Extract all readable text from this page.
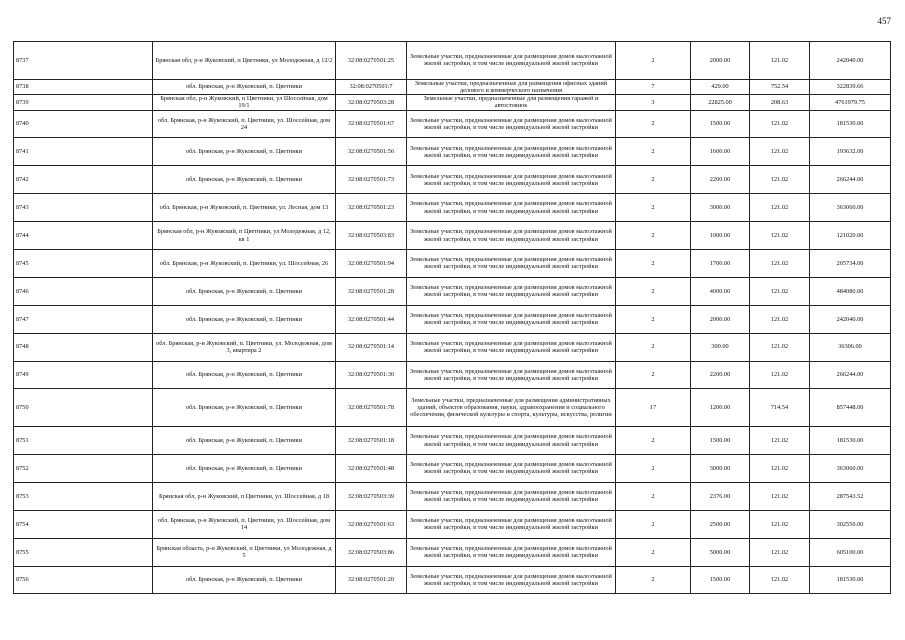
457
8737	Брянская обл, р-н Жуковский, п Цветники, ул Молодежная, д 12/2	32:08:0270501:25	Земельные участки, предназначенные для размещения домов малоэтажной жилой застройки, в том числе индивидуальной жилой застройки	2	2000.00	121.02	242040.00
8738	обл. Брянская, р-н Жуковский, п. Цветники	32:08:0270501:7	Земельные участки, предназначенные для размещения офисных зданий делового и коммерческого назначения	7	429.00	752.54	322839.66
8739	Брянская обл, р-н Жуковский, п Цветники, ул Шоссейная, дом 19/1	32:08:0270503:28	Земельные участки, предназначенные для размещения гаражей и автостоянок	3	22825.00	208.63	4761979.75
8740	обл. Брянская, р-н Жуковский, п. Цветники, ул. Шоссейная, дом 24	32:08:0270501:67	Земельные участки, предназначенные для размещения домов малоэтажной жилой застройки, в том числе индивидуальной жилой застройки	2	1500.00	121.02	181530.00
8741	обл. Брянская, р-н Жуковский, п. Цветники	32:08:0270501:56	Земельные участки, предназначенные для размещения домов малоэтажной жилой застройки, в том числе индивидуальной жилой застройки	2	1600.00	121.02	193632.00
8742	обл. Брянская, р-н Жуковский, п. Цветники	32:08:0270501:73	Земельные участки, предназначенные для размещения домов малоэтажной жилой застройки, в том числе индивидуальной жилой застройки	2	2200.00	121.02	266244.00
8743	обл. Брянская, р-н Жуковский, п. Цветники, ул. Лесная, дом 13	32:08:0270501:23	Земельные участки, предназначенные для размещения домов малоэтажной жилой застройки, в том числе индивидуальной жилой застройки	2	3000.00	121.02	363060.00
8744	Брянская обл, р-н Жуковский, п Цветники, ул Молодежная, д 12, кв 1	32:08:0270503:83	Земельные участки, предназначенные для размещения домов малоэтажной жилой застройки, в том числе индивидуальной жилой застройки	2	1000.00	121.02	121020.00
8745	обл. Брянская, р-н Жуковский, п. Цветники, ул. Шоссейная, 26	32:08:0270501:94	Земельные участки, предназначенные для размещения домов малоэтажной жилой застройки, в том числе индивидуальной жилой застройки	2	1700.00	121.02	205734.00
8746	обл. Брянская, р-н Жуковский, п. Цветники	32:08:0270501:28	Земельные участки, предназначенные для размещения домов малоэтажной жилой застройки, в том числе индивидуальной жилой застройки	2	4000.00	121.02	484080.00
8747	обл. Брянская, р-н Жуковский, п. Цветники	32:08:0270501:44	Земельные участки, предназначенные для размещения домов малоэтажной жилой застройки, в том числе индивидуальной жилой застройки	2	2000.00	121.02	242040.00
8748	обл. Брянская, р-н Жуковский, п. Цветники, ул. Молодежная, дом 3, квартира 2	32:08:0270501:14	Земельные участки, предназначенные для размещения домов малоэтажной жилой застройки, в том числе индивидуальной жилой застройки	2	300.00	121.02	36306.00
8749	обл. Брянская, р-н Жуковский, п. Цветники	32:08:0270501:30	Земельные участки, предназначенные для размещения домов малоэтажной жилой застройки, в том числе индивидуальной жилой застройки	2	2200.00	121.02	266244.00
8750	обл. Брянская, р-н Жуковский, п. Цветники	32:08:0270501:78	Земельные участки, предназначенные для размещения административных зданий, объектов образования, науки, здравоохранения и социального обеспечения, физической культуры и спорта, культуры, искусства, религии	17	1200.00	714.54	857448.00
8751	обл. Брянская, р-н Жуковский, п. Цветники	32:08:0270501:18	Земельные участки, предназначенные для размещения домов малоэтажной жилой застройки, в том числе индивидуальной жилой застройки	2	1500.00	121.02	181530.00
8752	обл. Брянская, р-н Жуковский, п. Цветники	32:08:0270501:48	Земельные участки, предназначенные для размещения домов малоэтажной жилой застройки, в том числе индивидуальной жилой застройки	2	3000.00	121.02	363060.00
8753	Брянская обл, р-н Жуковский, п Цветники, ул. Шоссейная, д 18	32:08:0270503:39	Земельные участки, предназначенные для размещения домов малоэтажной жилой застройки, в том числе индивидуальной жилой застройки	2	2376.00	121.02	287543.52
8754	обл. Брянская, р-н Жуковский, п. Цветники, ул. Шоссейная, дом 14	32:08:0270501:63	Земельные участки, предназначенные для размещения домов малоэтажной жилой застройки, в том числе индивидуальной жилой застройки	2	2500.00	121.02	302550.00
8755	Брянская область, р-н Жуковский, п Цветники, ул Молодежная, д 5	32:08:0270503:86	Земельные участки, предназначенные для размещения домов малоэтажной жилой застройки, в том числе индивидуальной жилой застройки	2	5000.00	121.02	605100.00
8756	обл. Брянская, р-н Жуковский, п. Цветники	32:08:0270501:20	Земельные участки, предназначенные для размещения домов малоэтажной жилой застройки, в том числе индивидуальной жилой застройки	2	1500.00	121.02	181530.00
